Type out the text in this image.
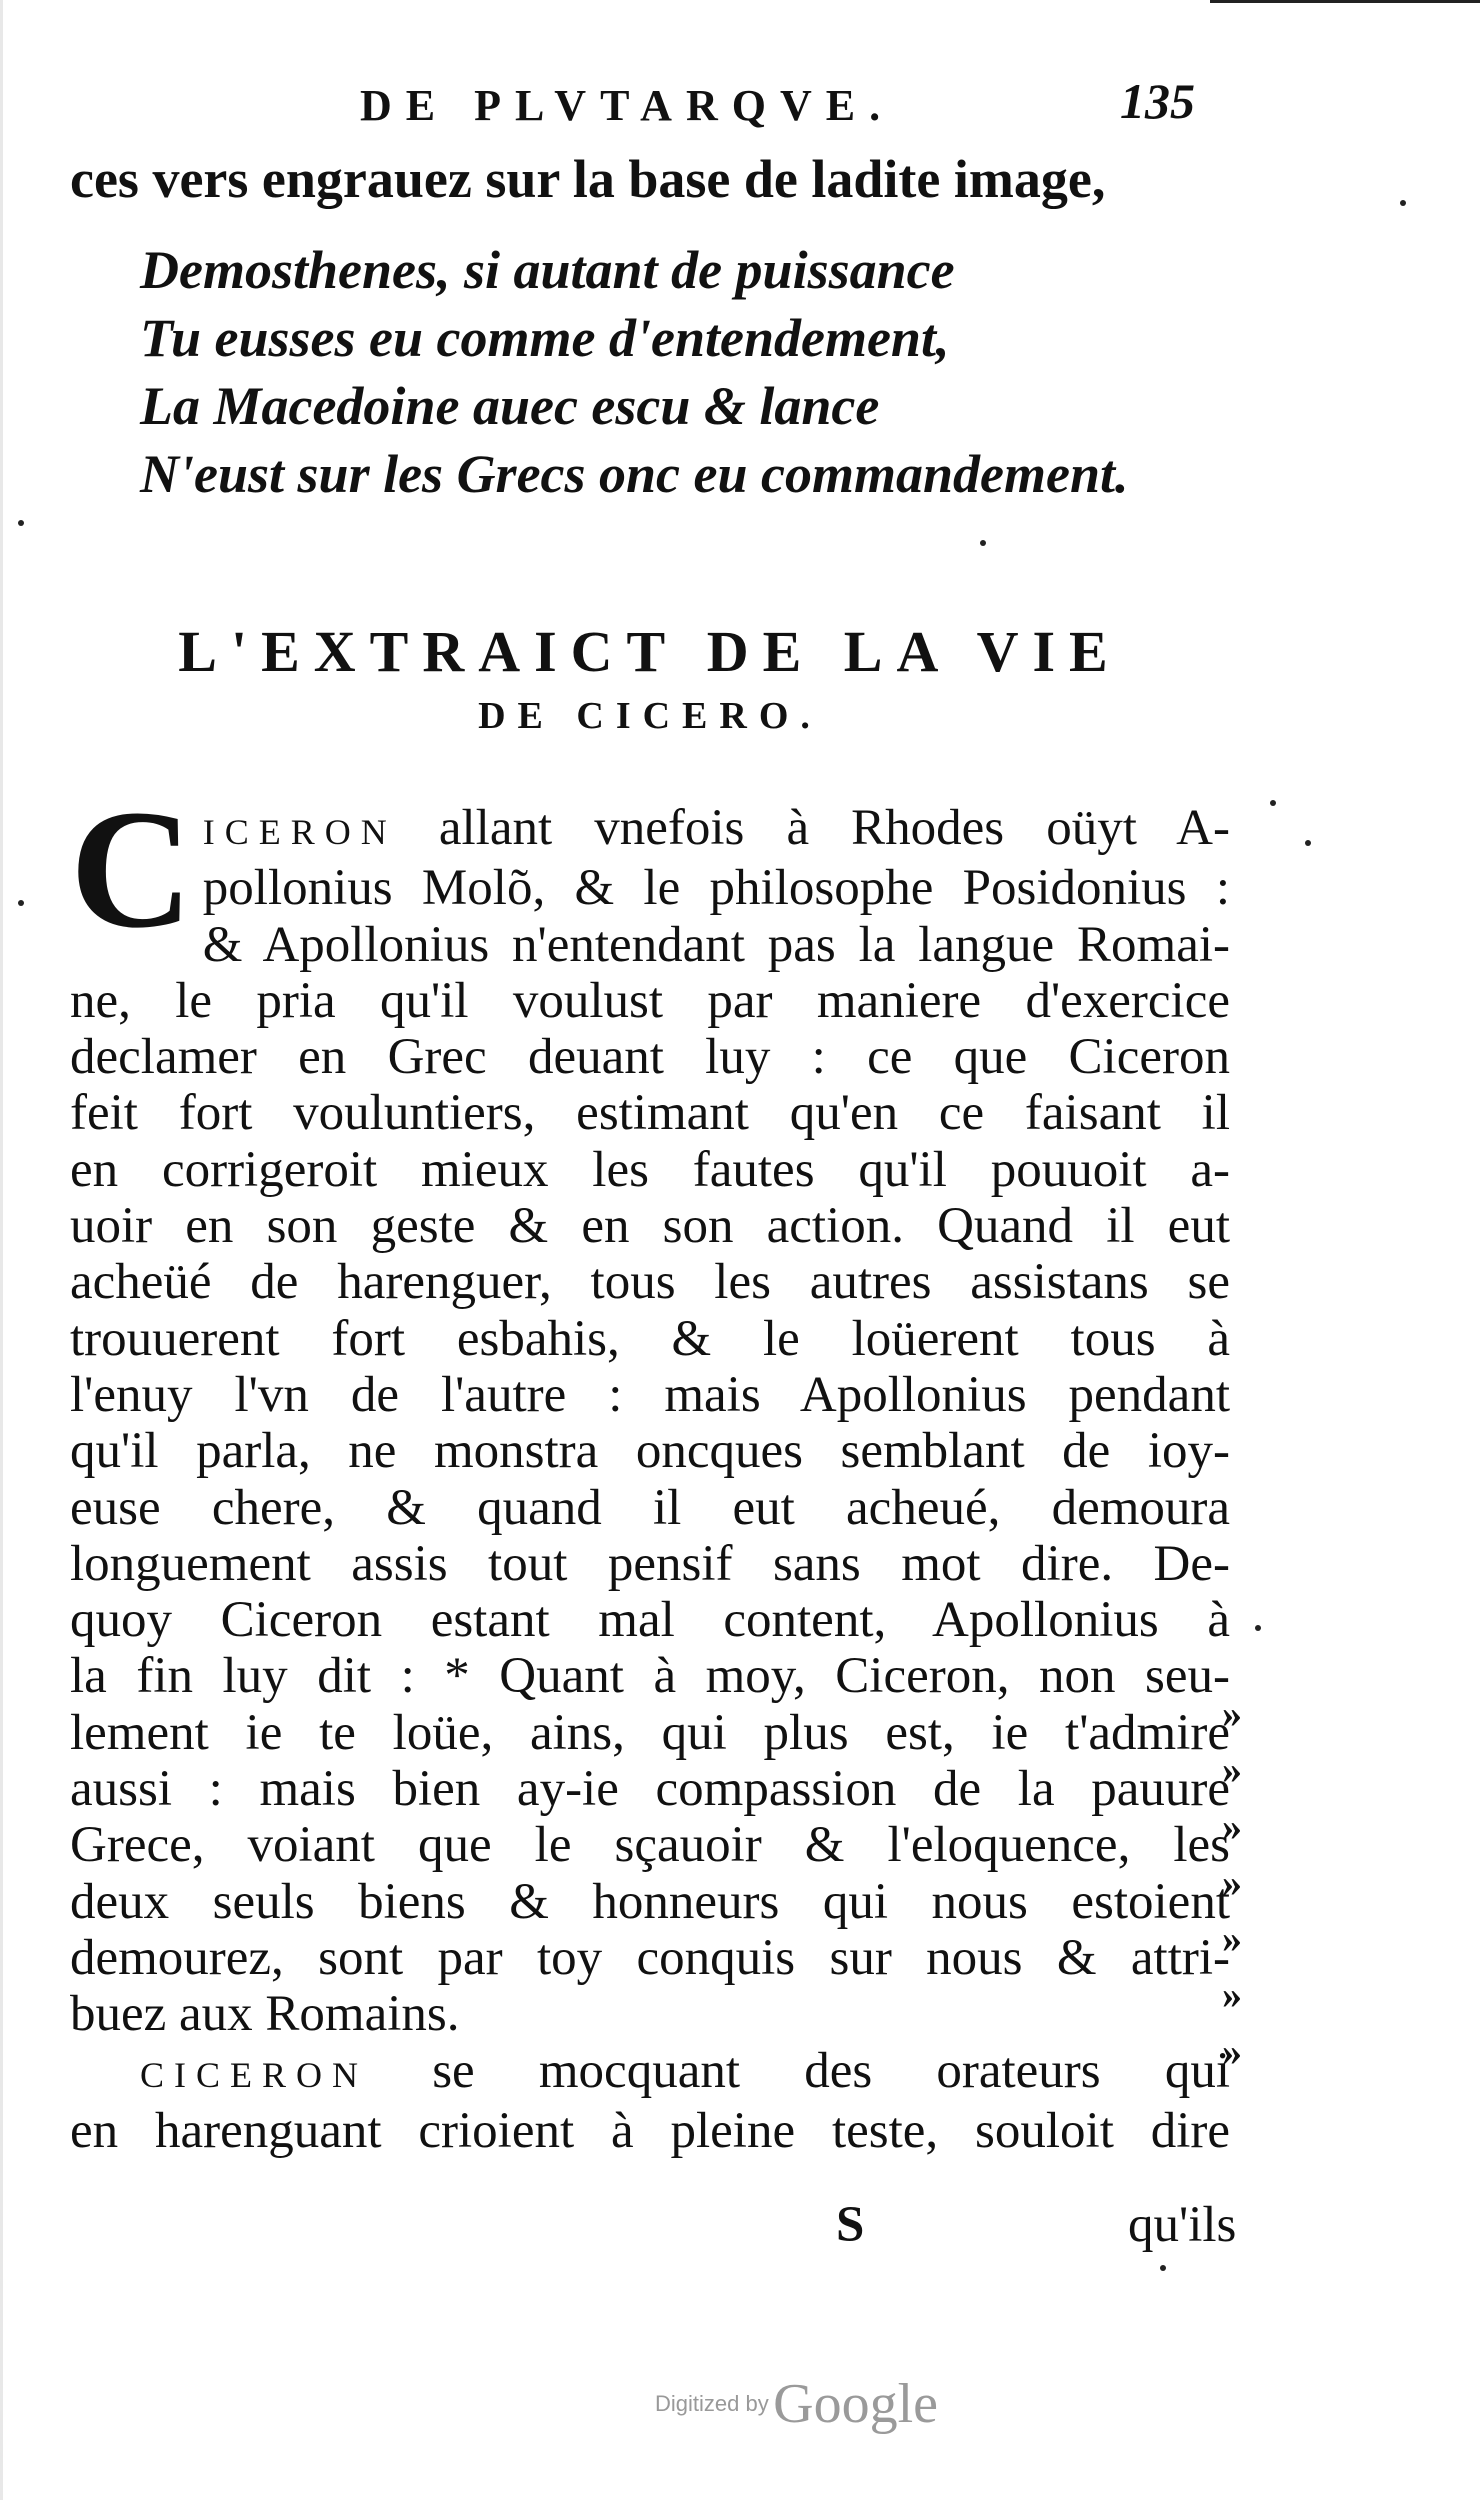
DE PLVTARQVE.	135
ces vers engrauez sur la base de ladite image,
Demosthenes, si autant de puissance
Tu eusses eu comme d'entendement,
La Macedoine auec escu & lance
N'eust sur les Grecs onc eu commandement.
L'EXTRAICT DE LA VIE
DE CICERO.
C ICERON allant vnefois à Rhodes oüyt A-
pollonius Molõ, & le philosophe Posidonius :
& Apollonius n'entendant pas la langue Romai-
ne, le pria qu'il voulust par maniere d'exercice
declamer en Grec deuant luy : ce que Ciceron
feit fort vouluntiers, estimant qu'en ce faisant il
en corrigeroit mieux les fautes qu'il pouuoit a-
uoir en son geste & en son action. Quand il eut
acheüé de harenguer, tous les autres assistans se
trouuerent fort esbahis, & le loüerent tous à
l'enuy l'vn de l'autre : mais Apollonius pendant
qu'il parla, ne monstra oncques semblant de ioy-
euse chere, & quand il eut acheué, demoura
longuement assis tout pensif sans mot dire. De-
quoy Ciceron estant mal content, Apollonius à
la fin luy dit : * Quant à moy, Ciceron, non seu-
lement ie te loüe, ains, qui plus est, ie t'admire
aussi : mais bien ay-ie compassion de la pauure
Grece, voiant que le sçauoir & l'eloquence, les
deux seuls biens & honneurs qui nous estoient
demourez, sont par toy conquis sur nous & attri-
buez aux Romains.
CICERON se mocquant des orateurs qui
en harenguant crioient à pleine teste, souloit dire
»
»
»
»
»
»
»
S	qu'ils
Digitized by Google
